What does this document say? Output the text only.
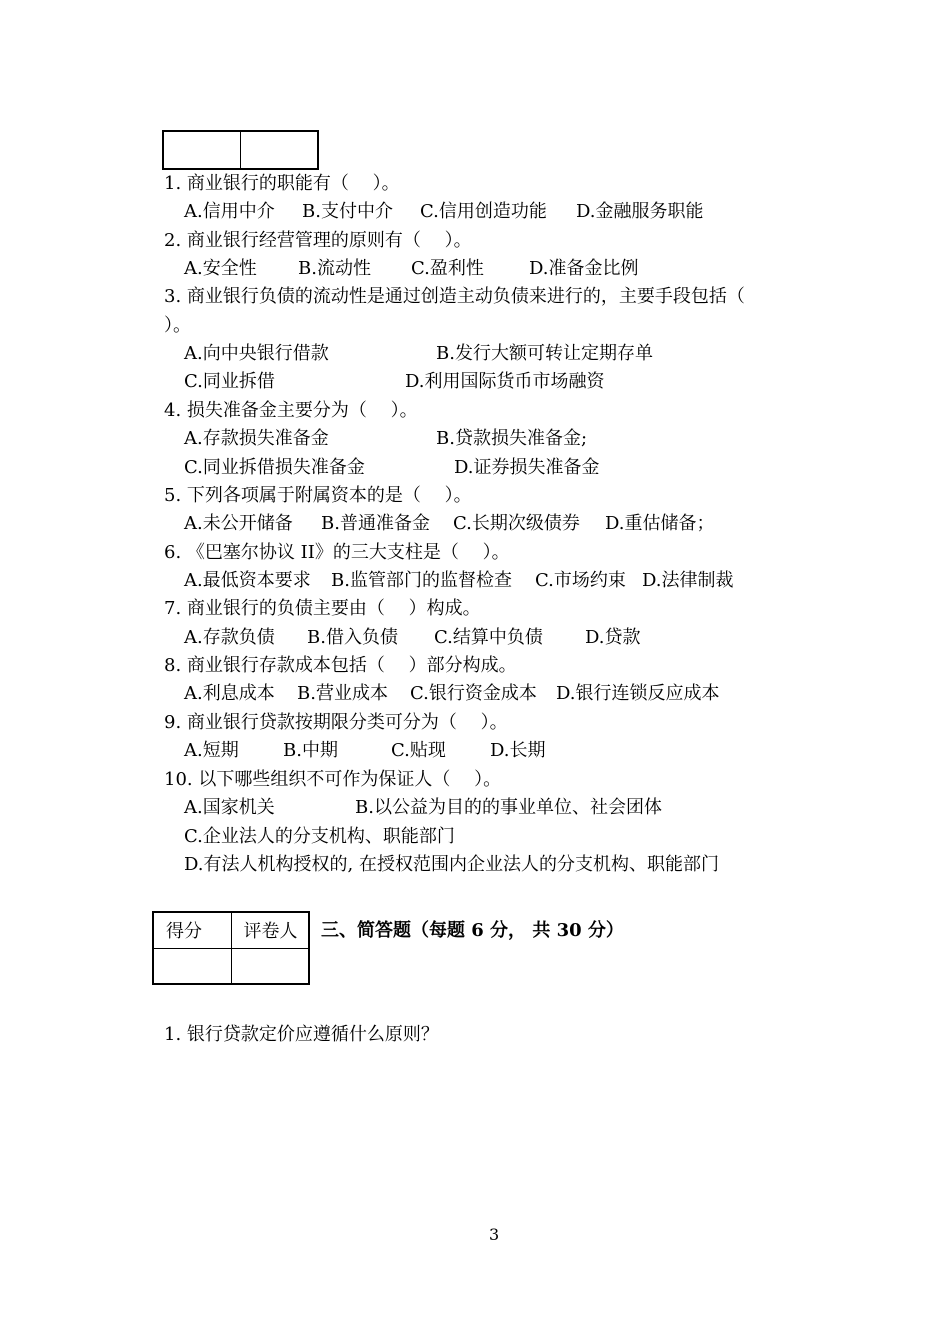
1. 商业银行的职能有（　 ）。
A.信用中介 B.支付中介 C.信用创造功能 D.金融服务职能
2. 商业银行经营管理的原则有（　 ）。
A.安全性 B.流动性 C.盈利性	D.准备金比例
3. 商业银行负债的流动性是通过创造主动负债来进行的，主要手段包括（
）。
A.向中央银行借款	B.发行大额可转让定期存单
C.同业拆借	D.利用国际货币市场融资
4. 损失准备金主要分为（　 ）。
A.存款损失准备金	B.贷款损失准备金;
C.同业拆借损失准备金	D.证券损失准备金
5. 下列各项属于附属资本的是（　 ）。
A.未公开储备 B.普通准备金 C.长期次级债券 D.重估储备；
6. 《巴塞尔协议 II》的三大支柱是（　 ）。
A.最低资本要求 B.监管部门的监督检查 C.市场约束 D.法律制裁
7. 商业银行的负债主要由（　 ）构成。
A.存款负债 B.借入负债 C.结算中负债 D.贷款
8. 商业银行存款成本包括（　 ）部分构成。
A.利息成本 B.营业成本 C.银行资金成本 D.银行连锁反应成本
9. 商业银行贷款按期限分类可分为（　 ）。
A.短期 B.中期	C.贴现 D.长期
10. 以下哪些组织不可作为保证人（　 ）。
A.国家机关	B.以公益为目的的事业单位、社会团体
C.企业法人的分支机构、职能部门
D.有法人机构授权的, 在授权范围内企业法人的分支机构、职能部门
得分	评卷人
	三、简答题（每题 6 分， 共 30 分）
1. 银行贷款定价应遵循什么原则？
3
